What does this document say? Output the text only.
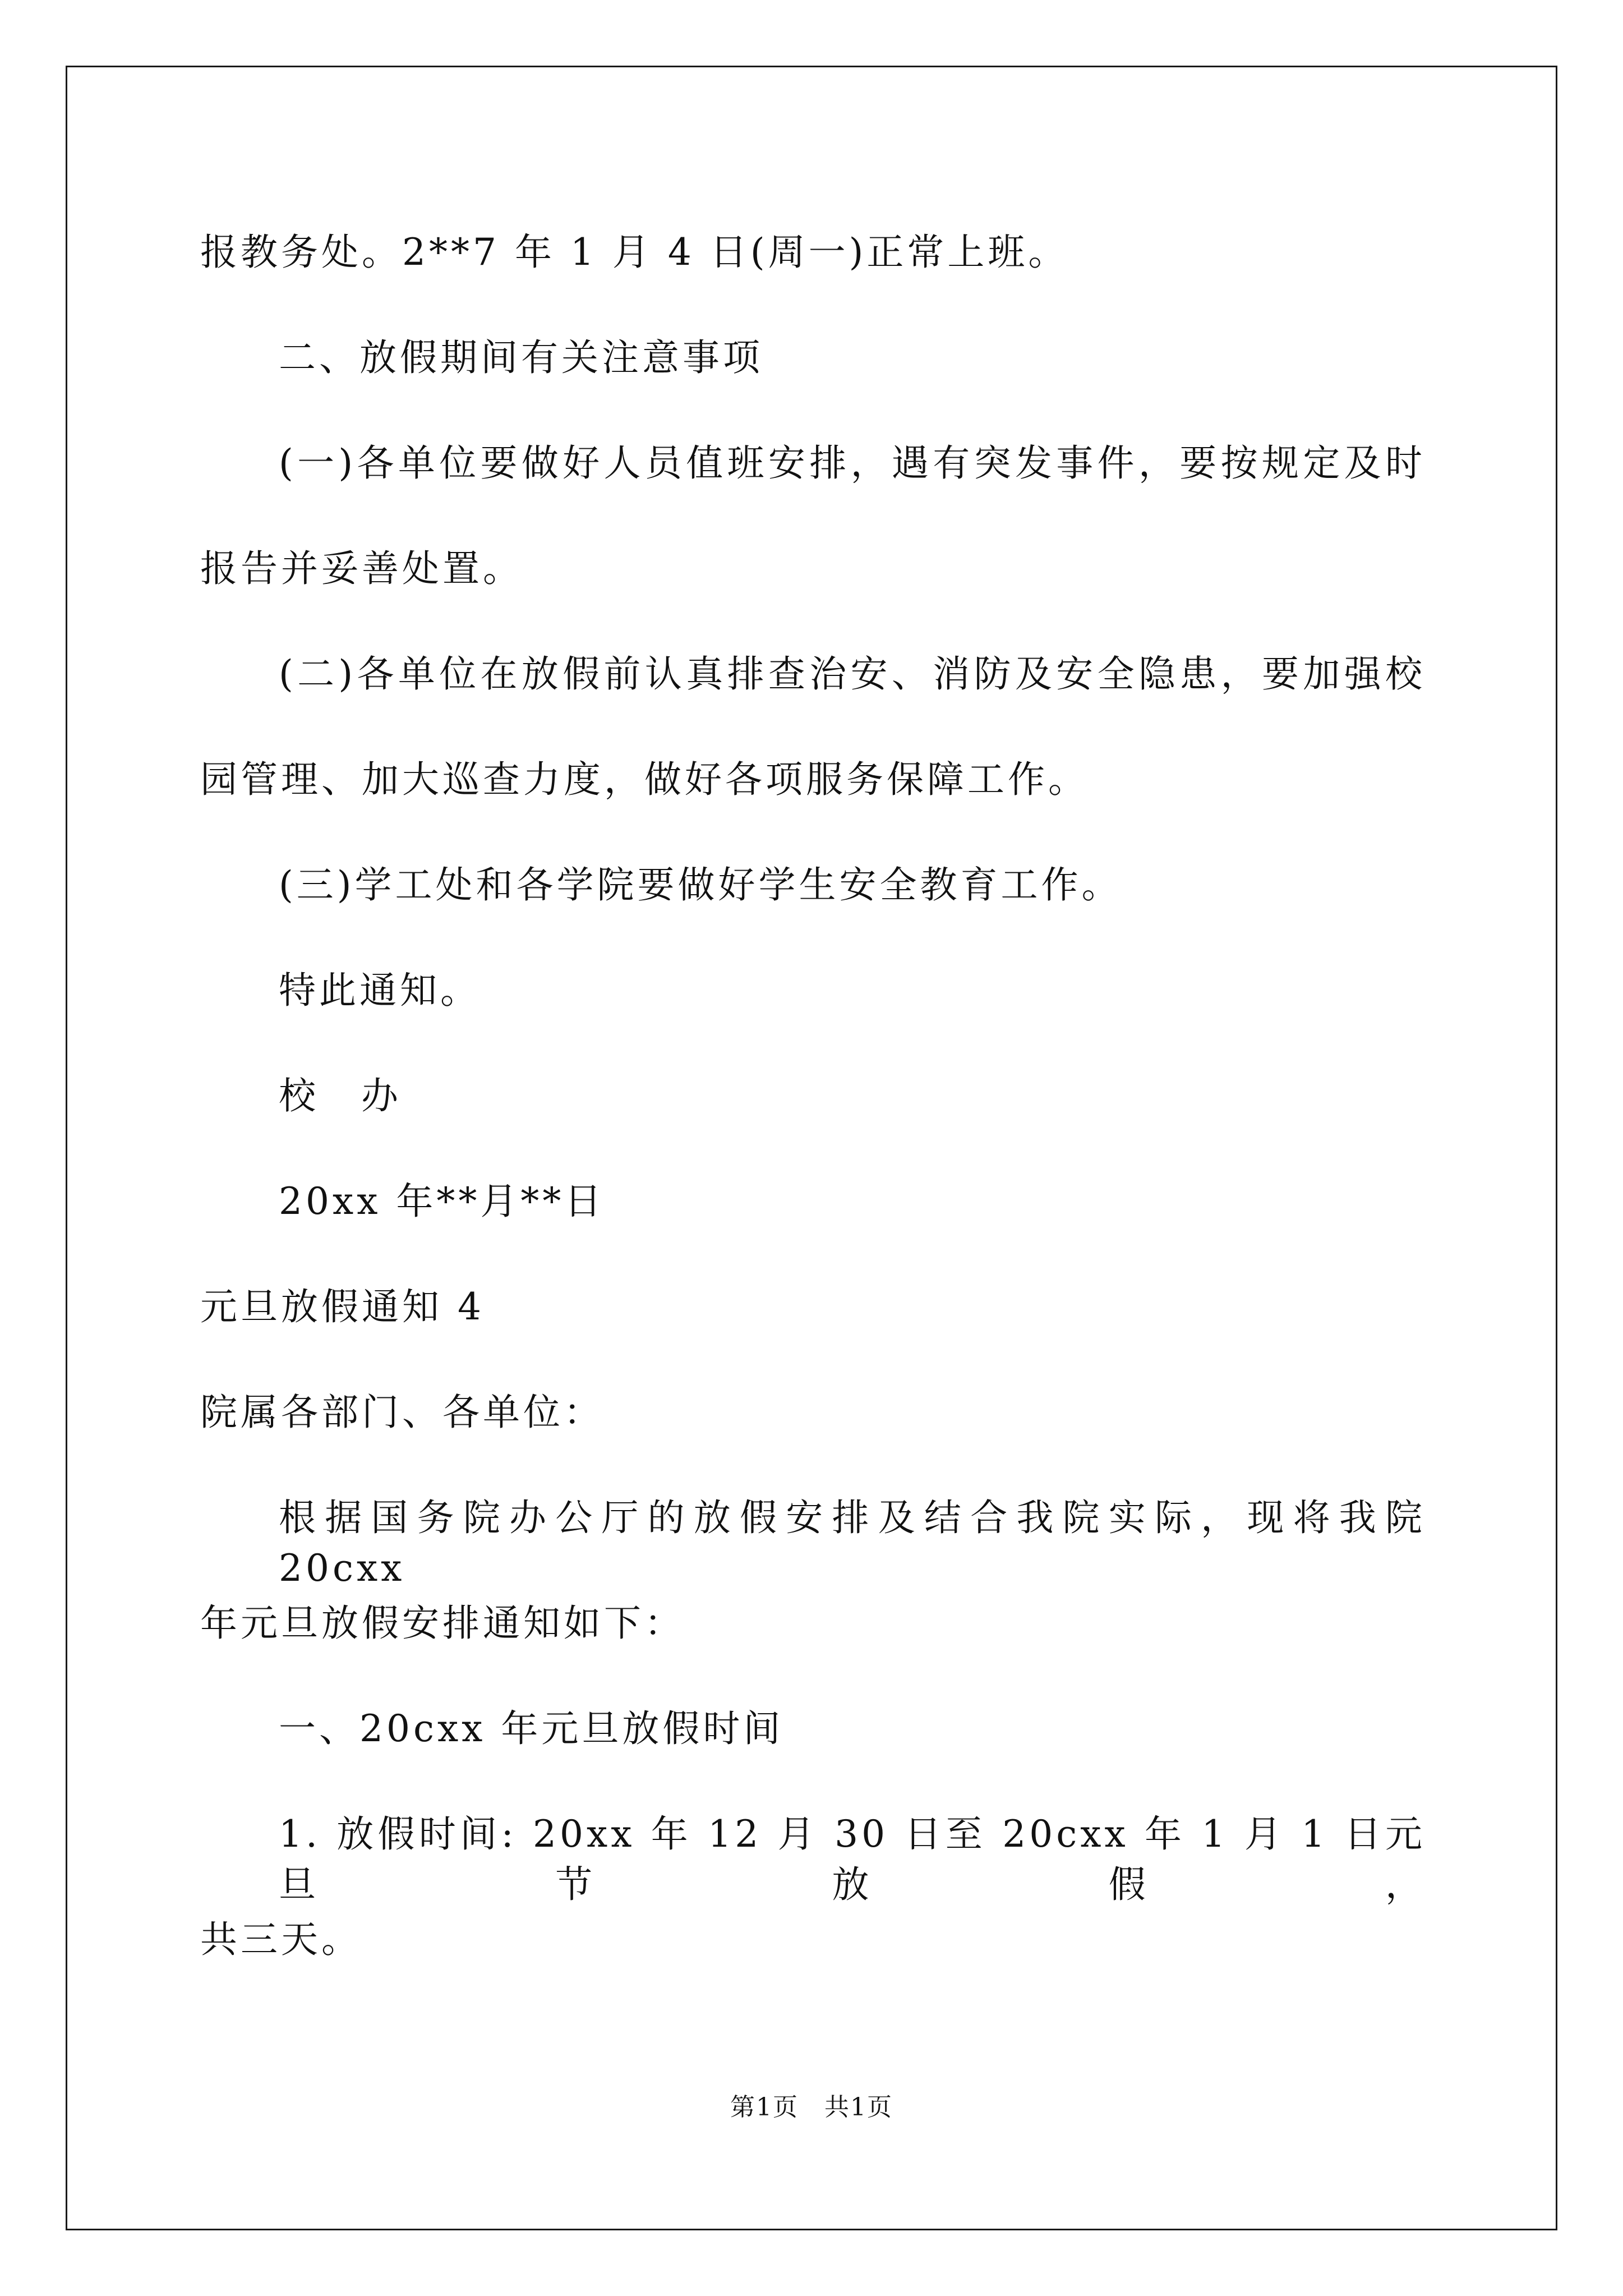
报教务处。2**7 年 1 月 4 日(周一)正常上班。
二、放假期间有关注意事项
(一)各单位要做好人员值班安排，遇有突发事件，要按规定及时
报告并妥善处置。
(二)各单位在放假前认真排查治安、消防及安全隐患，要加强校
园管理、加大巡查力度，做好各项服务保障工作。
(三)学工处和各学院要做好学生安全教育工作。
特此通知。
校 办
20xx 年**月**日
元旦放假通知 4
院属各部门、各单位：
根据国务院办公厅的放假安排及结合我院实际，现将我院 20cxx
年元旦放假安排通知如下：
一、20cxx 年元旦放假时间
1. 放假时间: 20xx 年 12 月 30 日至 20cxx 年 1 月 1 日元旦节放假，
共三天。
第1页　共1页
